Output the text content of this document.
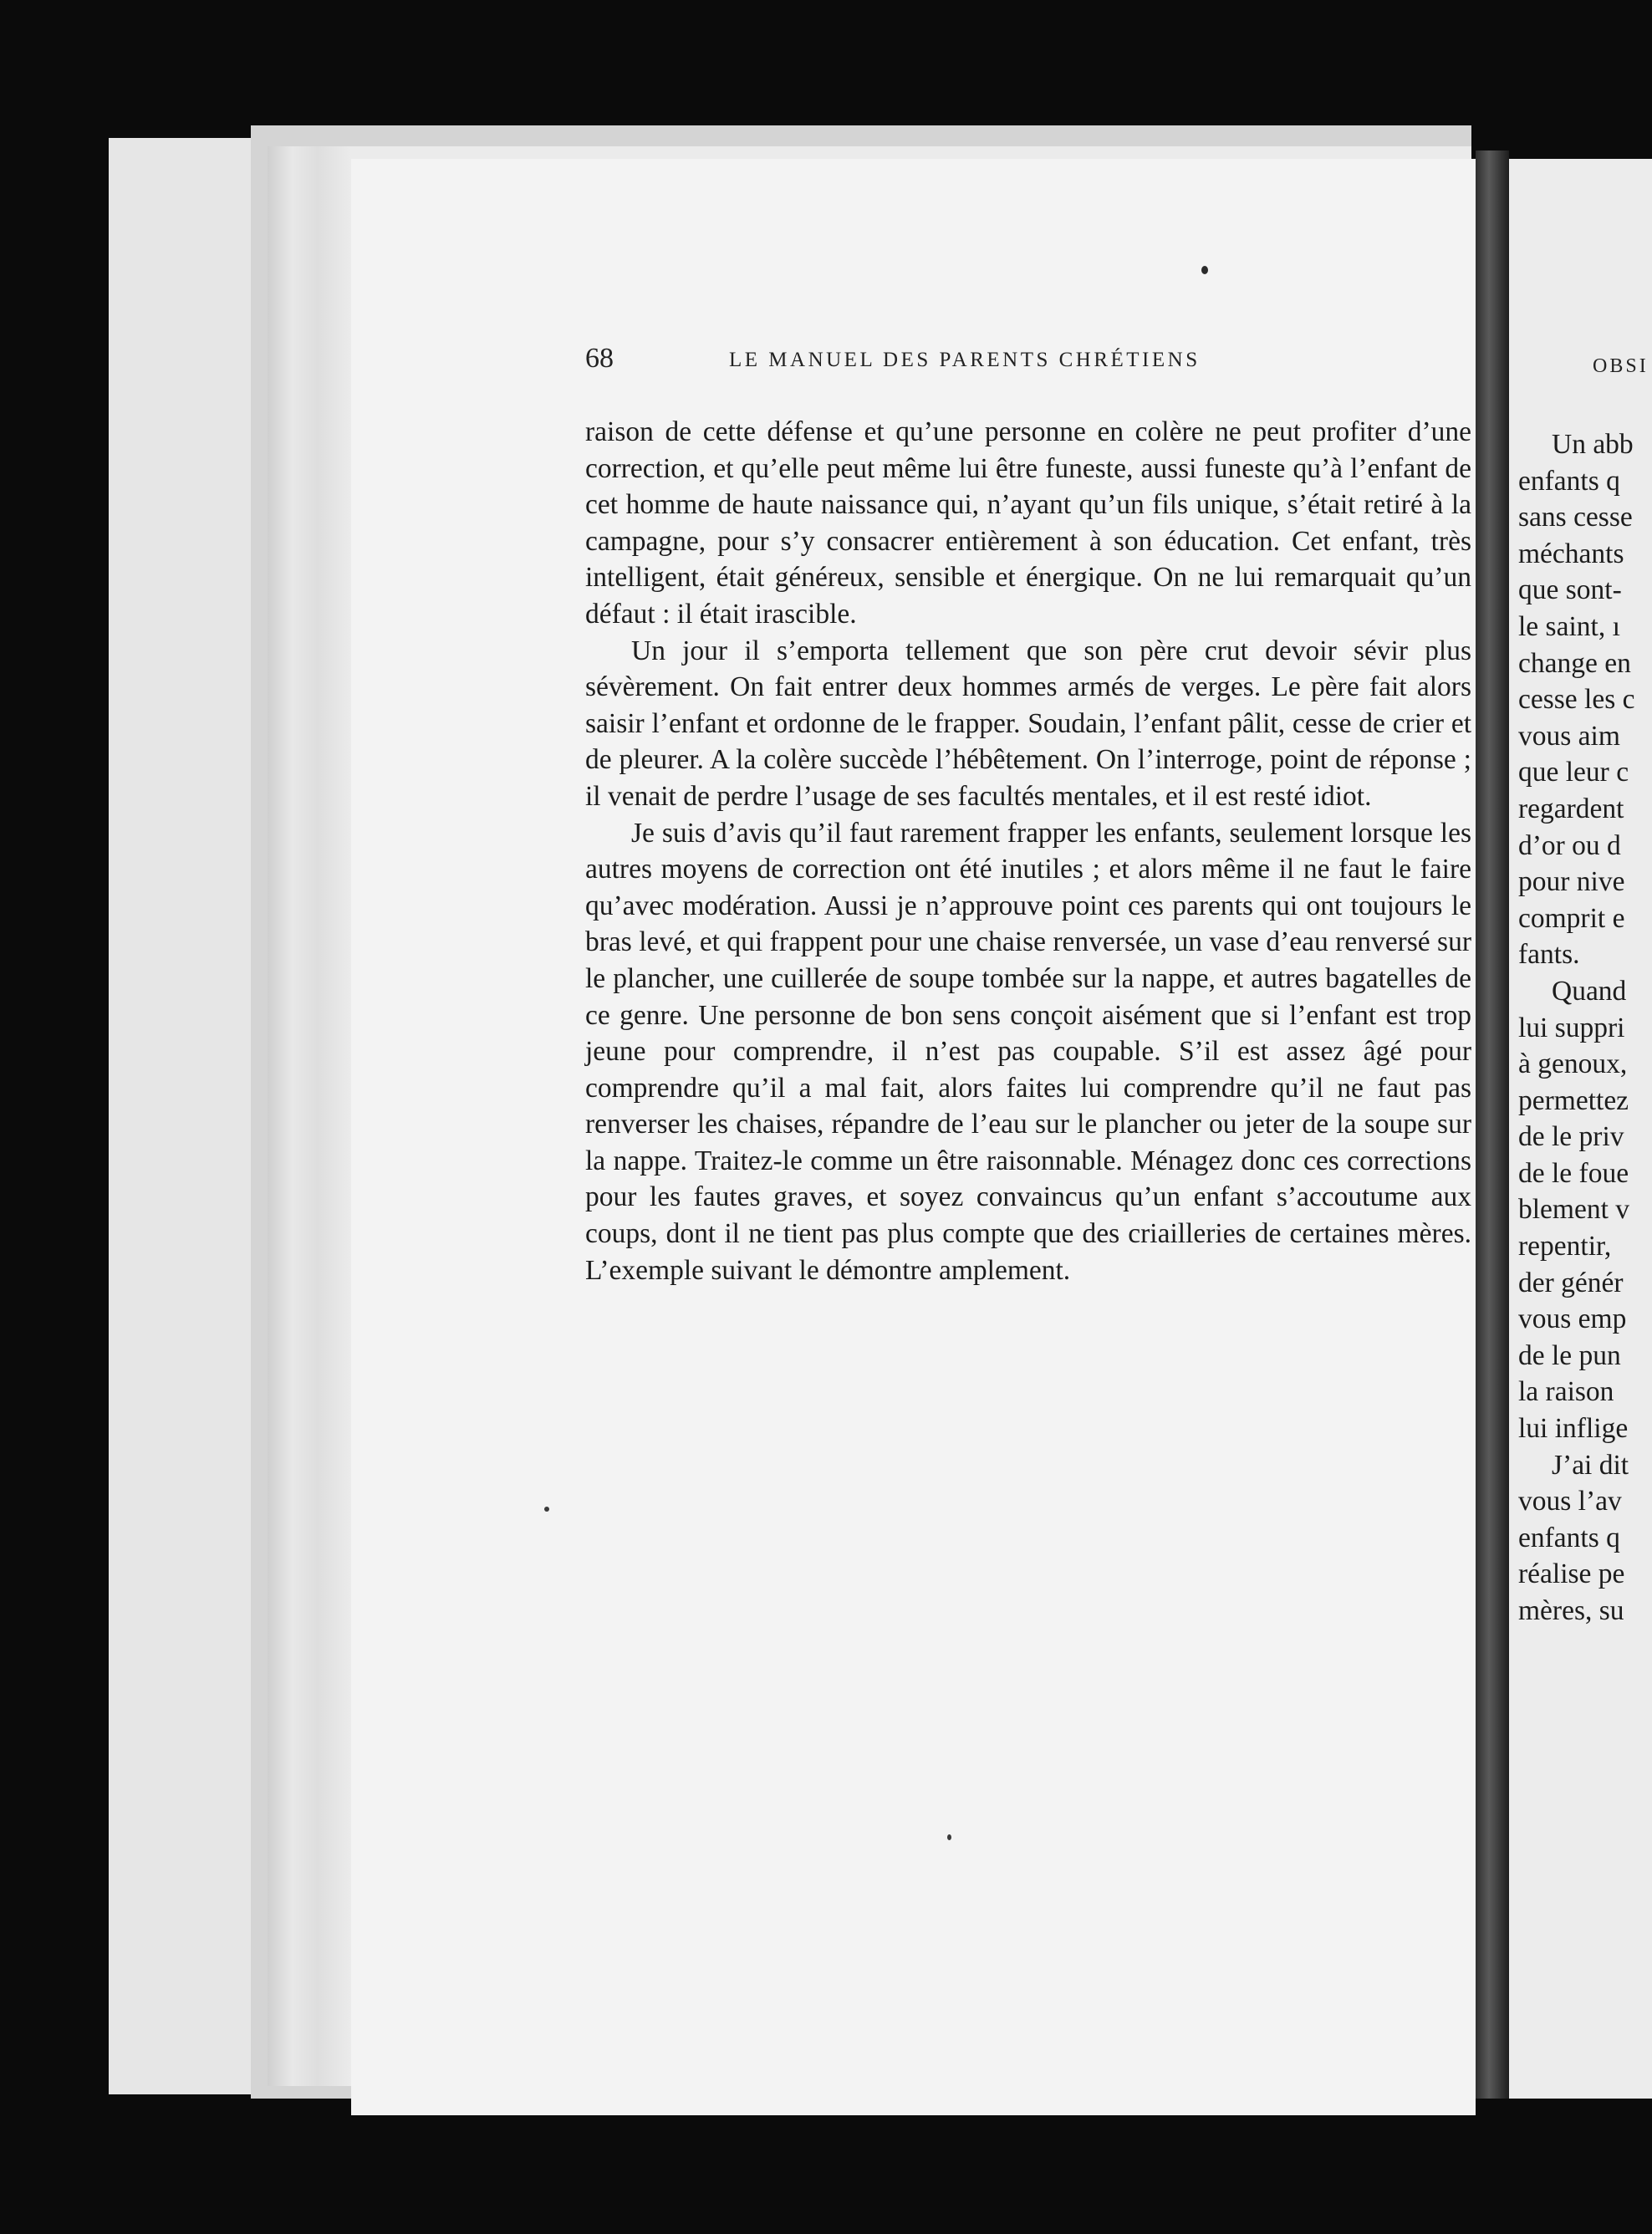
68	LE MANUEL DES PARENTS CHRÉTIENS

raison de cette défense et qu’une personne en colère ne peut profiter d’une correction, et qu’elle peut même lui être funeste, aussi funeste qu’à l’enfant de cet homme de haute naissance qui, n’ayant qu’un fils unique, s’était retiré à la campagne, pour s’y consacrer entièrement à son éducation. Cet enfant, très intelligent, était généreux, sensible et énergique. On ne lui remarquait qu’un défaut : il était irascible.

Un jour il s’emporta tellement que son père crut devoir sévir plus sévèrement. On fait entrer deux hommes armés de verges. Le père fait alors saisir l’enfant et ordonne de le frapper. Soudain, l’enfant pâlit, cesse de crier et de pleurer. A la colère succède l’hébêtement. On l’interroge, point de réponse ; il venait de perdre l’usage de ses facultés mentales, et il est resté idiot.

Je suis d’avis qu’il faut rarement frapper les enfants, seulement lorsque les autres moyens de correction ont été inutiles ; et alors même il ne faut le faire qu’avec modération. Aussi je n’approuve point ces parents qui ont toujours le bras levé, et qui frappent pour une chaise renversée, un vase d’eau renversé sur le plancher, une cuillerée de soupe tombée sur la nappe, et autres bagatelles de ce genre. Une personne de bon sens conçoit aisément que si l’enfant est trop jeune pour comprendre, il n’est pas coupable. S’il est assez âgé pour comprendre qu’il a mal fait, alors faites lui comprendre qu’il ne faut pas renverser les chaises, répandre de l’eau sur le plancher ou jeter de la soupe sur la nappe. Traitez-le comme un être raisonnable. Ménagez donc ces corrections pour les fautes graves, et soyez convaincus qu’un enfant s’accoutume aux coups, dont il ne tient pas plus compte que des criailleries de certaines mères. L’exemple suivant le démontre amplement.

OBSI
Un abb
enfants q
sans cesse
méchants
que sont-
le saint, ı
change en
cesse les c
vous aim
que leur c
regardent
d’or ou d
pour nive
comprit e
fants.
Quand
lui suppri
à genoux,
permettez
de le priv
de le foue
blement v
repentir,
der génér
vous emp
de le pun
la raison
lui inflige
J’ai dit
vous l’av
enfants q
réalise pe
mères, su
